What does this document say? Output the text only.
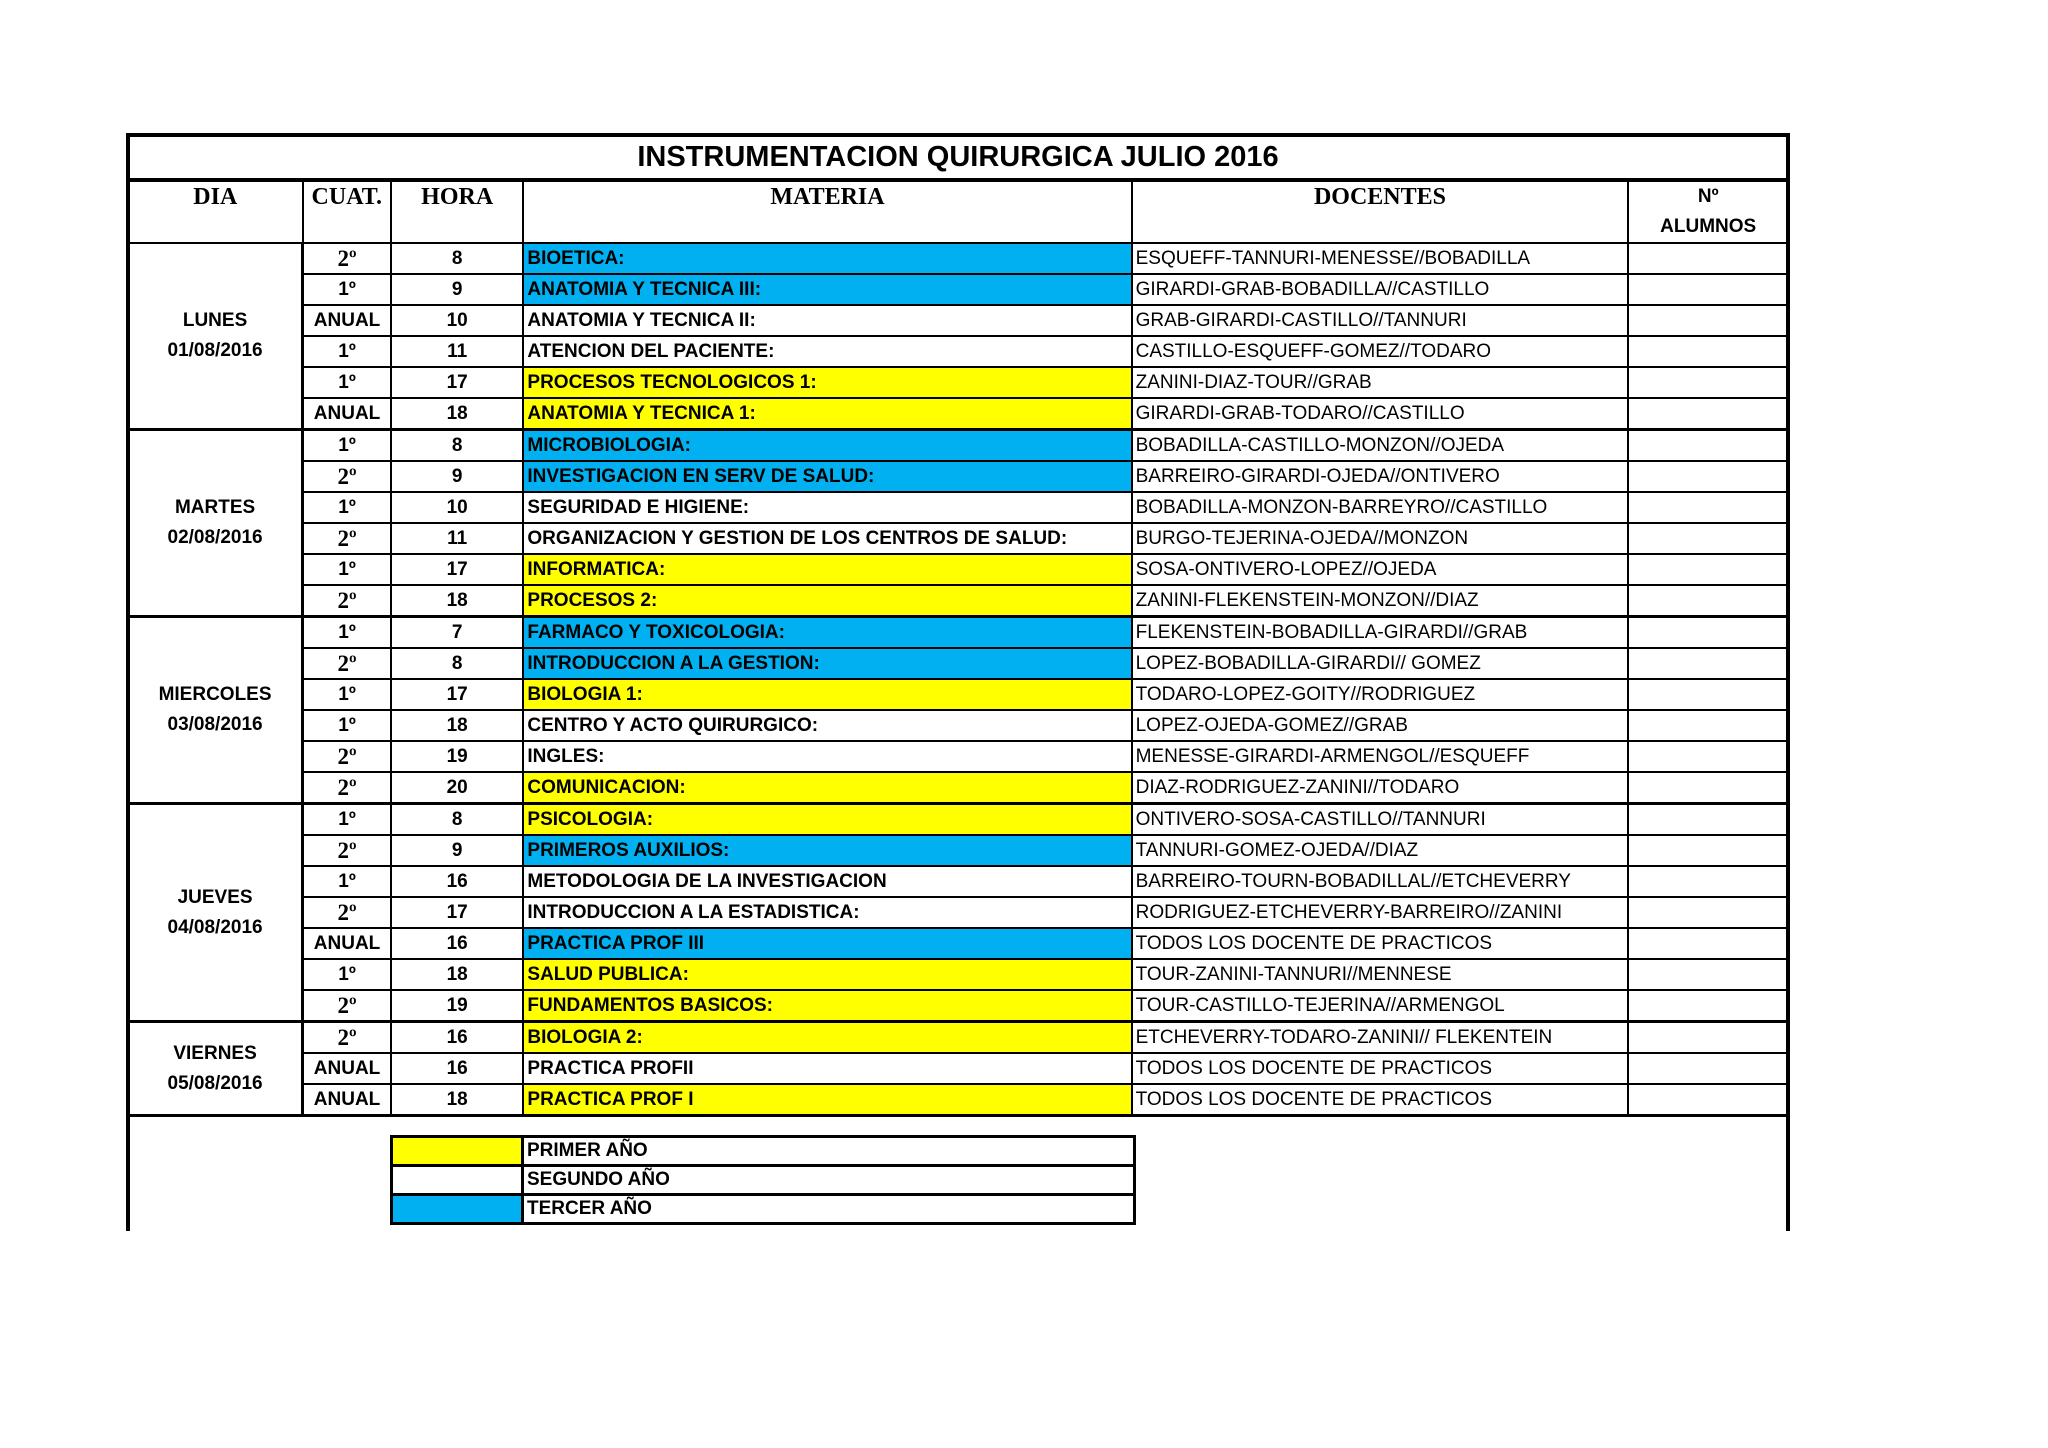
INSTRUMENTACION QUIRURGICA JULIO 2016					
DIA	CUAT.	HORA	MATERIA	DOCENTES	Nº
ALUMNOS
LUNES
01/08/2016	2º	8	BIOETICA:	ESQUEFF-TANNURI-MENESSE//BOBADILLA	
	1º	9	ANATOMIA Y TECNICA III:	GIRARDI-GRAB-BOBADILLA//CASTILLO	
	ANUAL	10	ANATOMIA Y TECNICA II:	GRAB-GIRARDI-CASTILLO//TANNURI	
	1º	11	ATENCION DEL PACIENTE:	CASTILLO-ESQUEFF-GOMEZ//TODARO	
	1º	17	PROCESOS TECNOLOGICOS 1:	ZANINI-DIAZ-TOUR//GRAB	
	ANUAL	18	ANATOMIA Y TECNICA 1:	GIRARDI-GRAB-TODARO//CASTILLO	
MARTES
02/08/2016	1º	8	MICROBIOLOGIA:	BOBADILLA-CASTILLO-MONZON//OJEDA	
	2º	9	INVESTIGACION EN SERV DE SALUD:	BARREIRO-GIRARDI-OJEDA//ONTIVERO	
	1º	10	SEGURIDAD E HIGIENE:	BOBADILLA-MONZON-BARREYRO//CASTILLO	
	2º	11	ORGANIZACION Y GESTION DE LOS CENTROS DE SALUD:	BURGO-TEJERINA-OJEDA//MONZON	
	1º	17	INFORMATICA:	SOSA-ONTIVERO-LOPEZ//OJEDA	
	2º	18	PROCESOS 2:	ZANINI-FLEKENSTEIN-MONZON//DIAZ	
MIERCOLES
03/08/2016	1º	7	FARMACO Y TOXICOLOGIA:	FLEKENSTEIN-BOBADILLA-GIRARDI//GRAB	
	2º	8	INTRODUCCION A LA GESTION:	LOPEZ-BOBADILLA-GIRARDI// GOMEZ	
	1º	17	BIOLOGIA 1:	TODARO-LOPEZ-GOITY//RODRIGUEZ	
	1º	18	CENTRO Y ACTO QUIRURGICO:	LOPEZ-OJEDA-GOMEZ//GRAB	
	2º	19	INGLES:	MENESSE-GIRARDI-ARMENGOL//ESQUEFF	
	2º	20	COMUNICACION:	DIAZ-RODRIGUEZ-ZANINI//TODARO	
JUEVES
04/08/2016	1º	8	PSICOLOGIA:	ONTIVERO-SOSA-CASTILLO//TANNURI	
	2º	9	PRIMEROS AUXILIOS:	TANNURI-GOMEZ-OJEDA//DIAZ	
	1º	16	METODOLOGIA DE LA INVESTIGACION	BARREIRO-TOURN-BOBADILLAL//ETCHEVERRY	
	2º	17	INTRODUCCION A LA ESTADISTICA:	RODRIGUEZ-ETCHEVERRY-BARREIRO//ZANINI	
	ANUAL	16	PRACTICA PROF III	TODOS LOS DOCENTE DE PRACTICOS	
	1º	18	SALUD PUBLICA:	TOUR-ZANINI-TANNURI//MENNESE	
	2º	19	FUNDAMENTOS BASICOS:	TOUR-CASTILLO-TEJERINA//ARMENGOL	
VIERNES
05/08/2016	2º	16	BIOLOGIA 2:	ETCHEVERRY-TODARO-ZANINI// FLEKENTEIN	
	ANUAL	16	PRACTICA PROFII	TODOS LOS DOCENTE DE PRACTICOS	
	ANUAL	18	PRACTICA PROF I	TODOS LOS DOCENTE DE PRACTICOS	
	PRIMER AÑO
	SEGUNDO AÑO
	TERCER AÑO
